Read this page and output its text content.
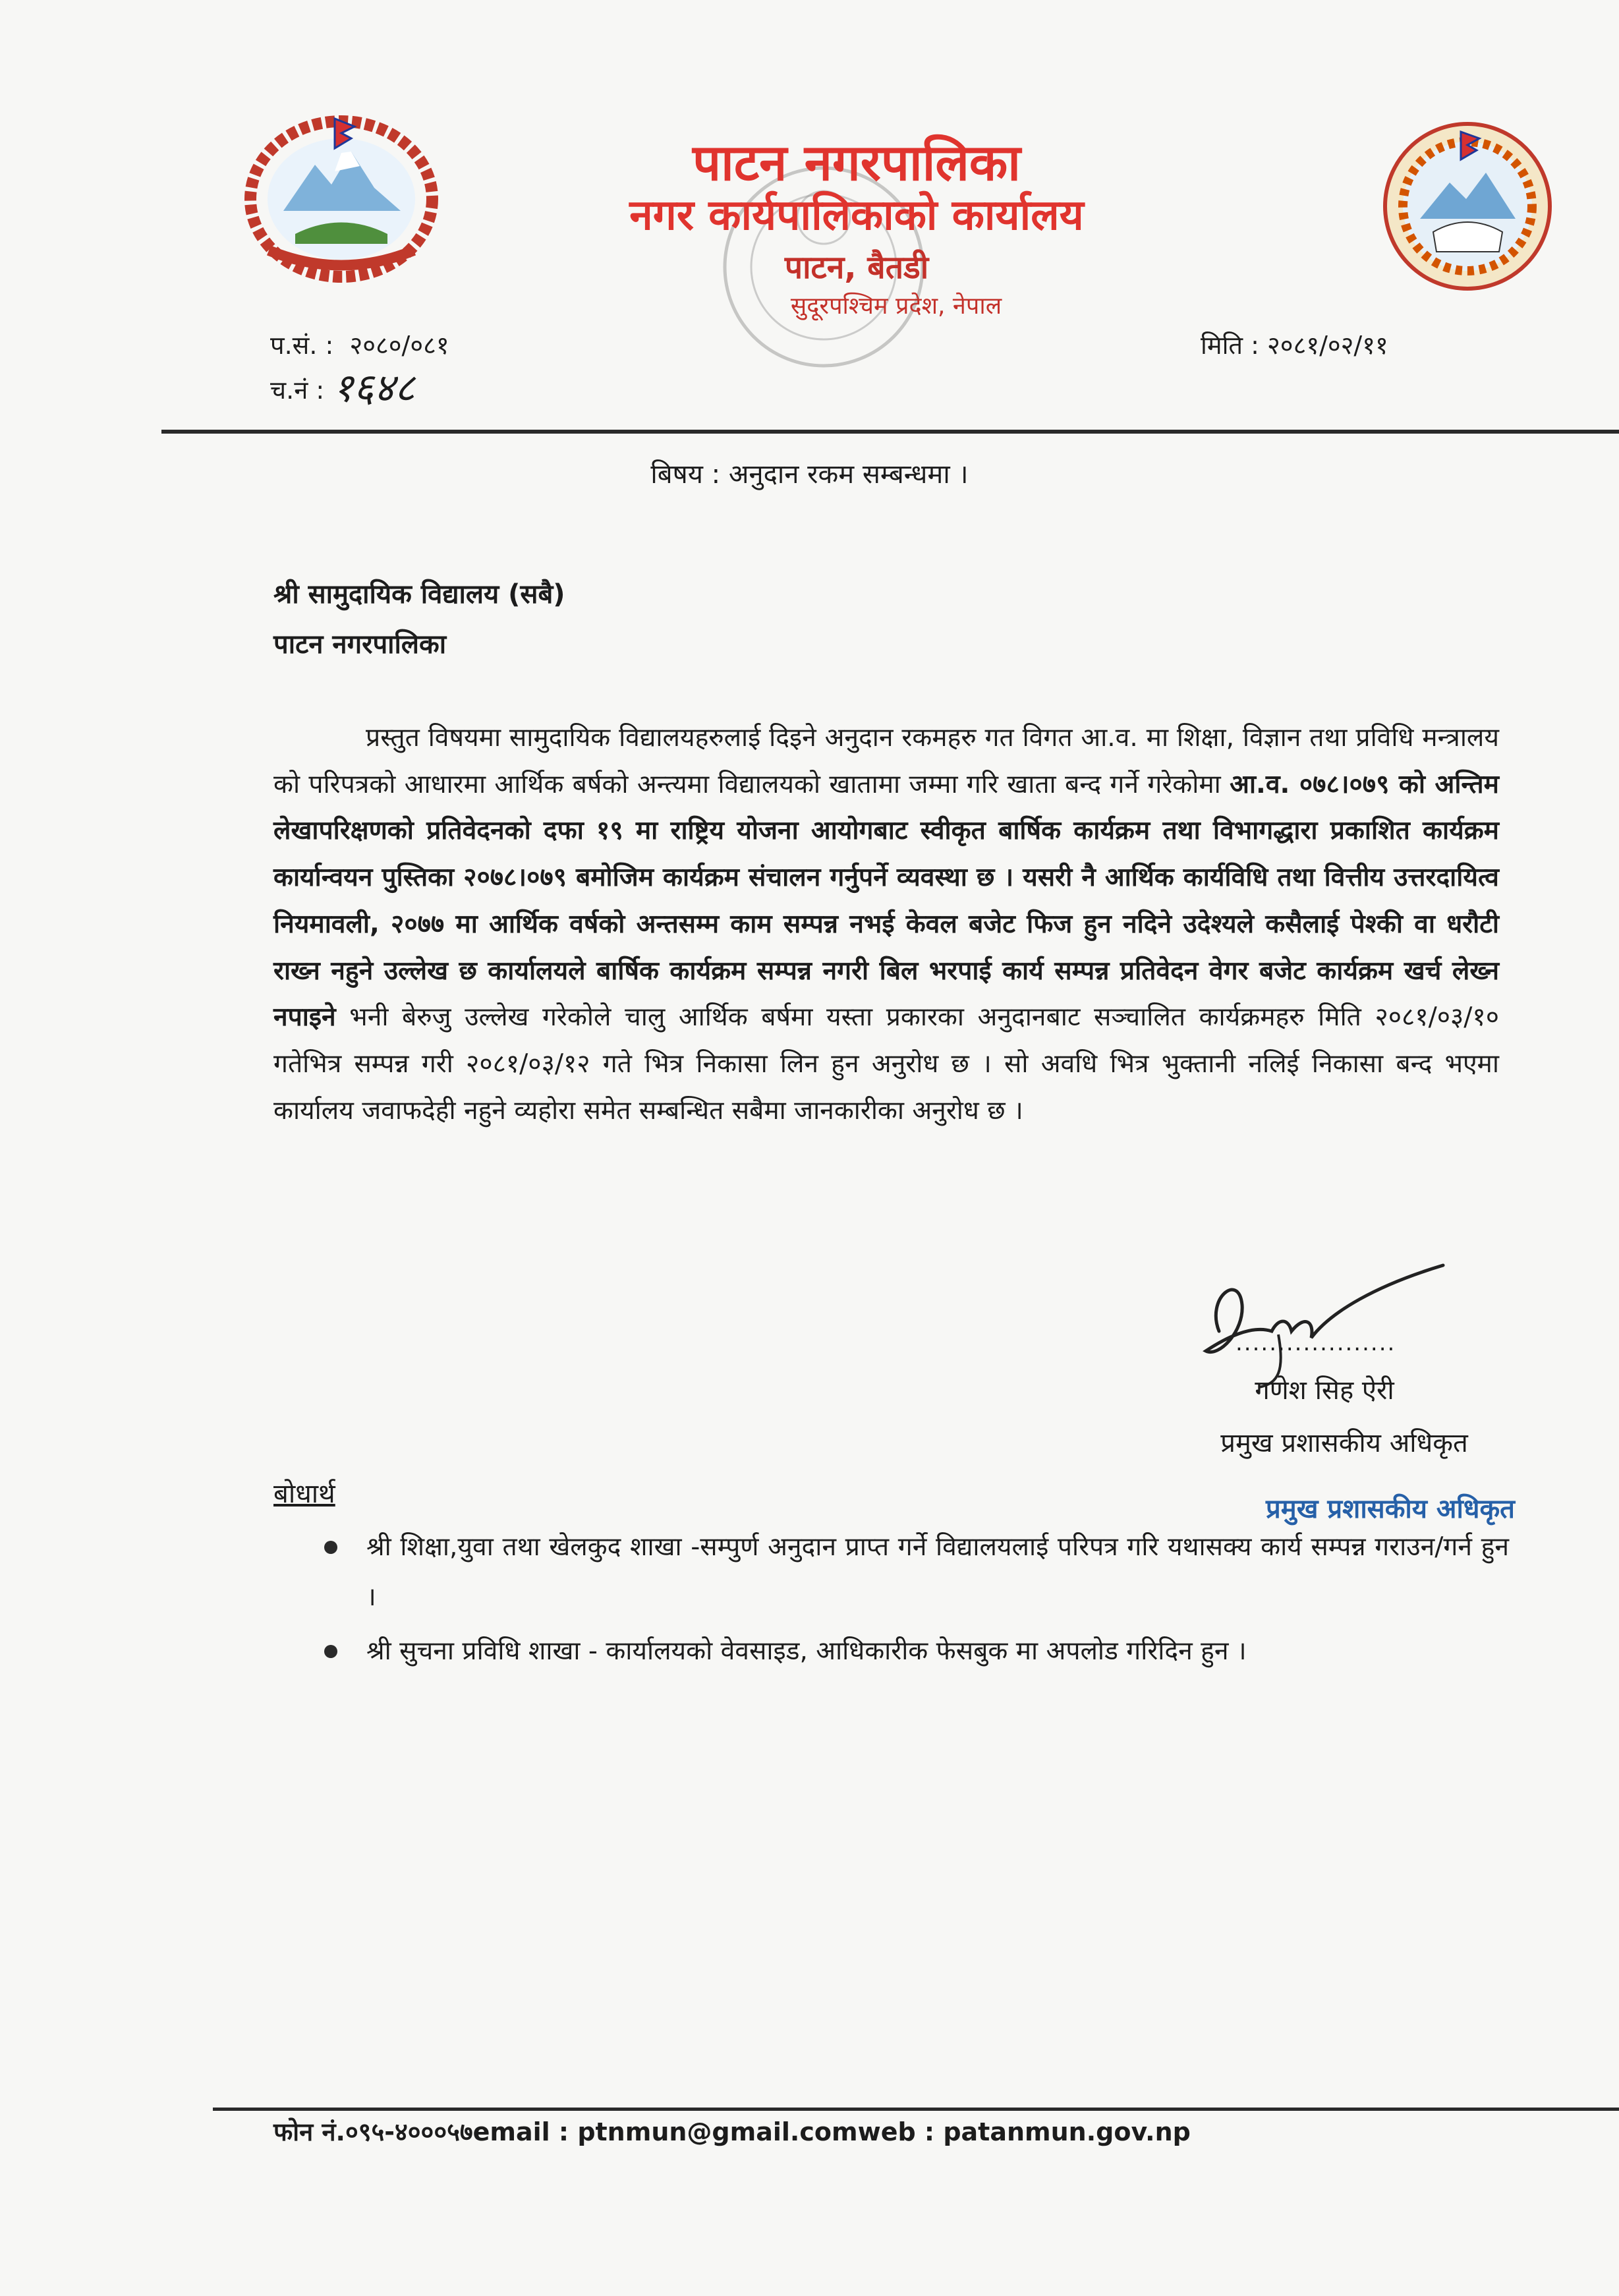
पाटन नगरपालिका
नगर कार्यपालिकाको कार्यालय
पाटन, बैतडी
सुदूरपश्चिम प्रदेश, नेपाल
प.सं. : २०८०/०८१
च.नं : १६४८
मिति : २०८१/०२/११
बिषय : अनुदान रकम सम्बन्धमा ।
श्री सामुदायिक विद्यालय (सबै)
पाटन नगरपालिका
प्रस्तुत विषयमा सामुदायिक विद्यालयहरुलाई दिइने अनुदान रकमहरु गत विगत आ.व. मा शिक्षा, विज्ञान तथा प्रविधि मन्त्रालय को परिपत्रको आधारमा आर्थिक बर्षको अन्त्यमा विद्यालयको खातामा जम्मा गरि खाता बन्द गर्ने गरेकोमा आ.व. ०७८।०७९ को अन्तिम लेखापरिक्षणको प्रतिवेदनको दफा १९ मा राष्ट्रिय योजना आयोगबाट स्वीकृत बार्षिक कार्यक्रम तथा विभागद्धारा प्रकाशित कार्यक्रम कार्यान्वयन पुस्तिका २०७८।०७९ बमोजिम कार्यक्रम संचालन गर्नुपर्ने व्यवस्था छ । यसरी नै आर्थिक कार्यविधि तथा वित्तीय उत्तरदायित्व नियमावली, २०७७ मा आर्थिक वर्षको अन्तसम्म काम सम्पन्न नभई केवल बजेट फिज हुन नदिने उदेश्यले कसैलाई पेश्की वा धरौटी राख्न नहुने उल्लेख छ कार्यालयले बार्षिक कार्यक्रम सम्पन्न नगरी बिल भरपाई कार्य सम्पन्न प्रतिवेदन वेगर बजेट कार्यक्रम खर्च लेख्न नपाइने भनी बेरुजु उल्लेख गरेकोले चालु आर्थिक बर्षमा यस्ता प्रकारका अनुदानबाट सञ्चालित कार्यक्रमहरु मिति २०८१/०३/१० गतेभित्र सम्पन्न गरी २०८१/०३/१२ गते भित्र निकासा लिन हुन अनुरोध छ । सो अवधि भित्र भुक्तानी नलिई निकासा बन्द भएमा कार्यालय जवाफदेही नहुने व्यहोरा समेत सम्बन्धित सबैमा जानकारीका अनुरोध छ ।
...................
गणेश सिह ऐरी
प्रमुख प्रशासकीय अधिकृत
प्रमुख प्रशासकीय अधिकृत
बोधार्थ
श्री शिक्षा,युवा तथा खेलकुद शाखा -सम्पुर्ण अनुदान प्राप्त गर्ने विद्यालयलाई परिपत्र गरि यथासक्य कार्य सम्पन्न गराउन/गर्न हुन ।
श्री सुचना प्रविधि शाखा - कार्यालयको वेवसाइड, आधिकारीक फेसबुक मा अपलोड गरिदिन हुन ।
फोन नं.०९५-४०००५७email : ptnmun@gmail.comweb : patanmun.gov.np
